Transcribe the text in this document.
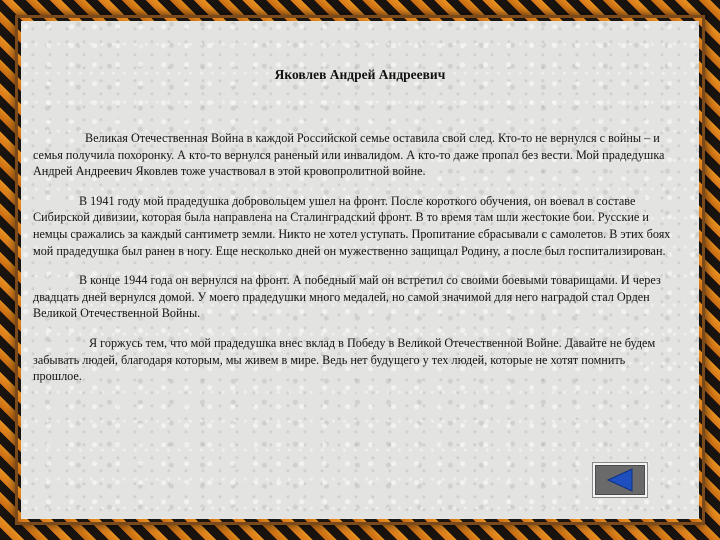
Яковлев Андрей Андреевич

Великая Отечественная Война в каждой Российской семье оставила свой след. Кто-то не вернулся с войны – и семья получила похоронку. А кто-то вернулся раненый или инвалидом. А кто-то даже пропал без вести. Мой прадедушка Андрей Андреевич Яковлев тоже участвовал в этой кровопролитной войне.

В 1941 году мой прадедушка добровольцем ушел на фронт. После короткого обучения, он воевал в составе Сибирской дивизии, которая была направлена на Сталинградский фронт. В то время там шли жестокие бои. Русские и немцы сражались за каждый сантиметр земли. Никто не хотел уступать. Пропитание сбрасывали с самолетов. В этих боях мой прадедушка был ранен в ногу. Еще несколько дней он мужественно защищал Родину, а после был госпитализирован.

В конце 1944 года он вернулся на фронт. А победный май он встретил со своими боевыми товарищами. И через двадцать дней вернулся домой. У моего прадедушки много медалей, но самой значимой для него наградой стал Орден Великой Отечественной Войны.

Я горжусь тем, что мой прадедушка внес вклад в Победу в Великой Отечественной Войне. Давайте не будем забывать людей, благодаря которым, мы живем в мире. Ведь нет будущего у тех людей, которые не хотят помнить прошлое.
